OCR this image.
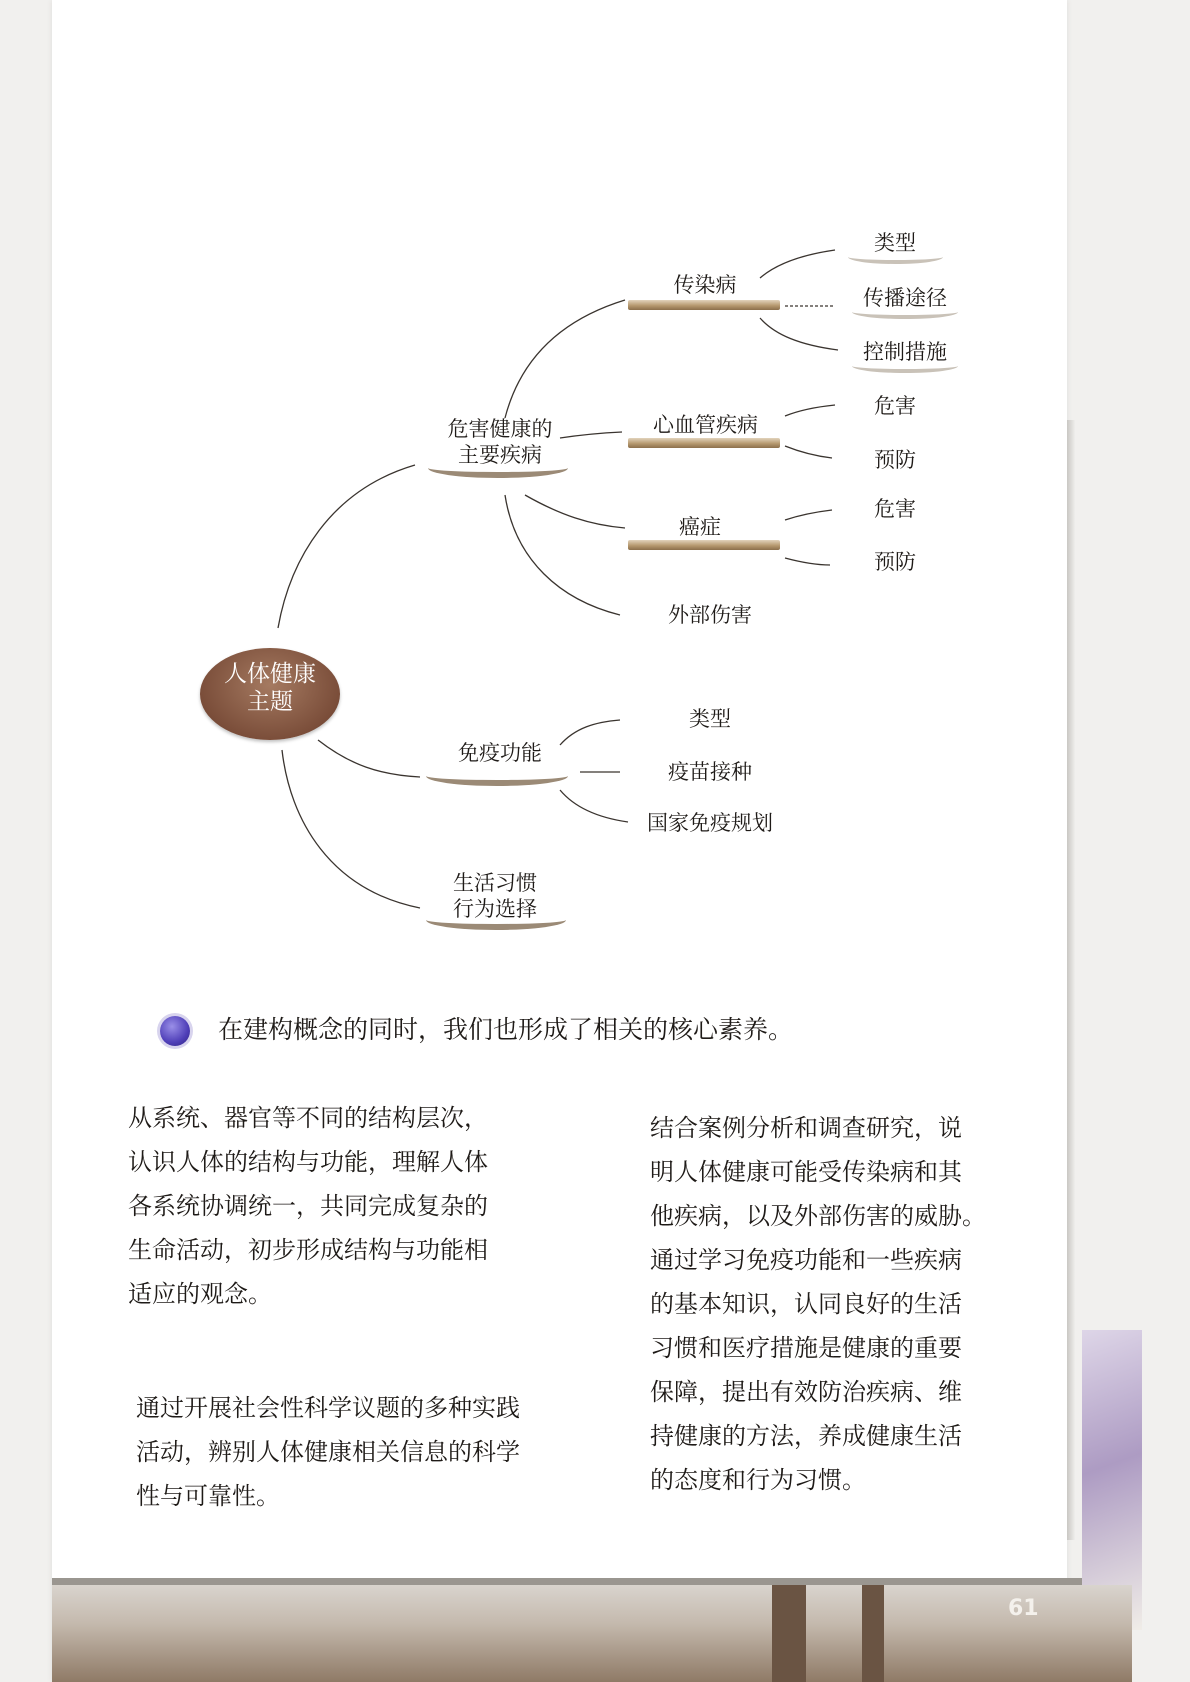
61
人体健康
主题
危害健康的
主要疾病
传染病
类型
传播途径
控制措施
心血管疾病
危害
预防
癌症
危害
预防
外部伤害
免疫功能
类型
疫苗接种
国家免疫规划
生活习惯
行为选择
在建构概念的同时，我们也形成了相关的核心素养。
从系统、器官等不同的结构层次，
认识人体的结构与功能，理解人体
各系统协调统一，共同完成复杂的
生命活动，初步形成结构与功能相
适应的观念。
通过开展社会性科学议题的多种实践
活动，辨别人体健康相关信息的科学
性与可靠性。
结合案例分析和调查研究，说
明人体健康可能受传染病和其
他疾病，以及外部伤害的威胁。
通过学习免疫功能和一些疾病
的基本知识，认同良好的生活
习惯和医疗措施是健康的重要
保障，提出有效防治疾病、维
持健康的方法，养成健康生活
的态度和行为习惯。
